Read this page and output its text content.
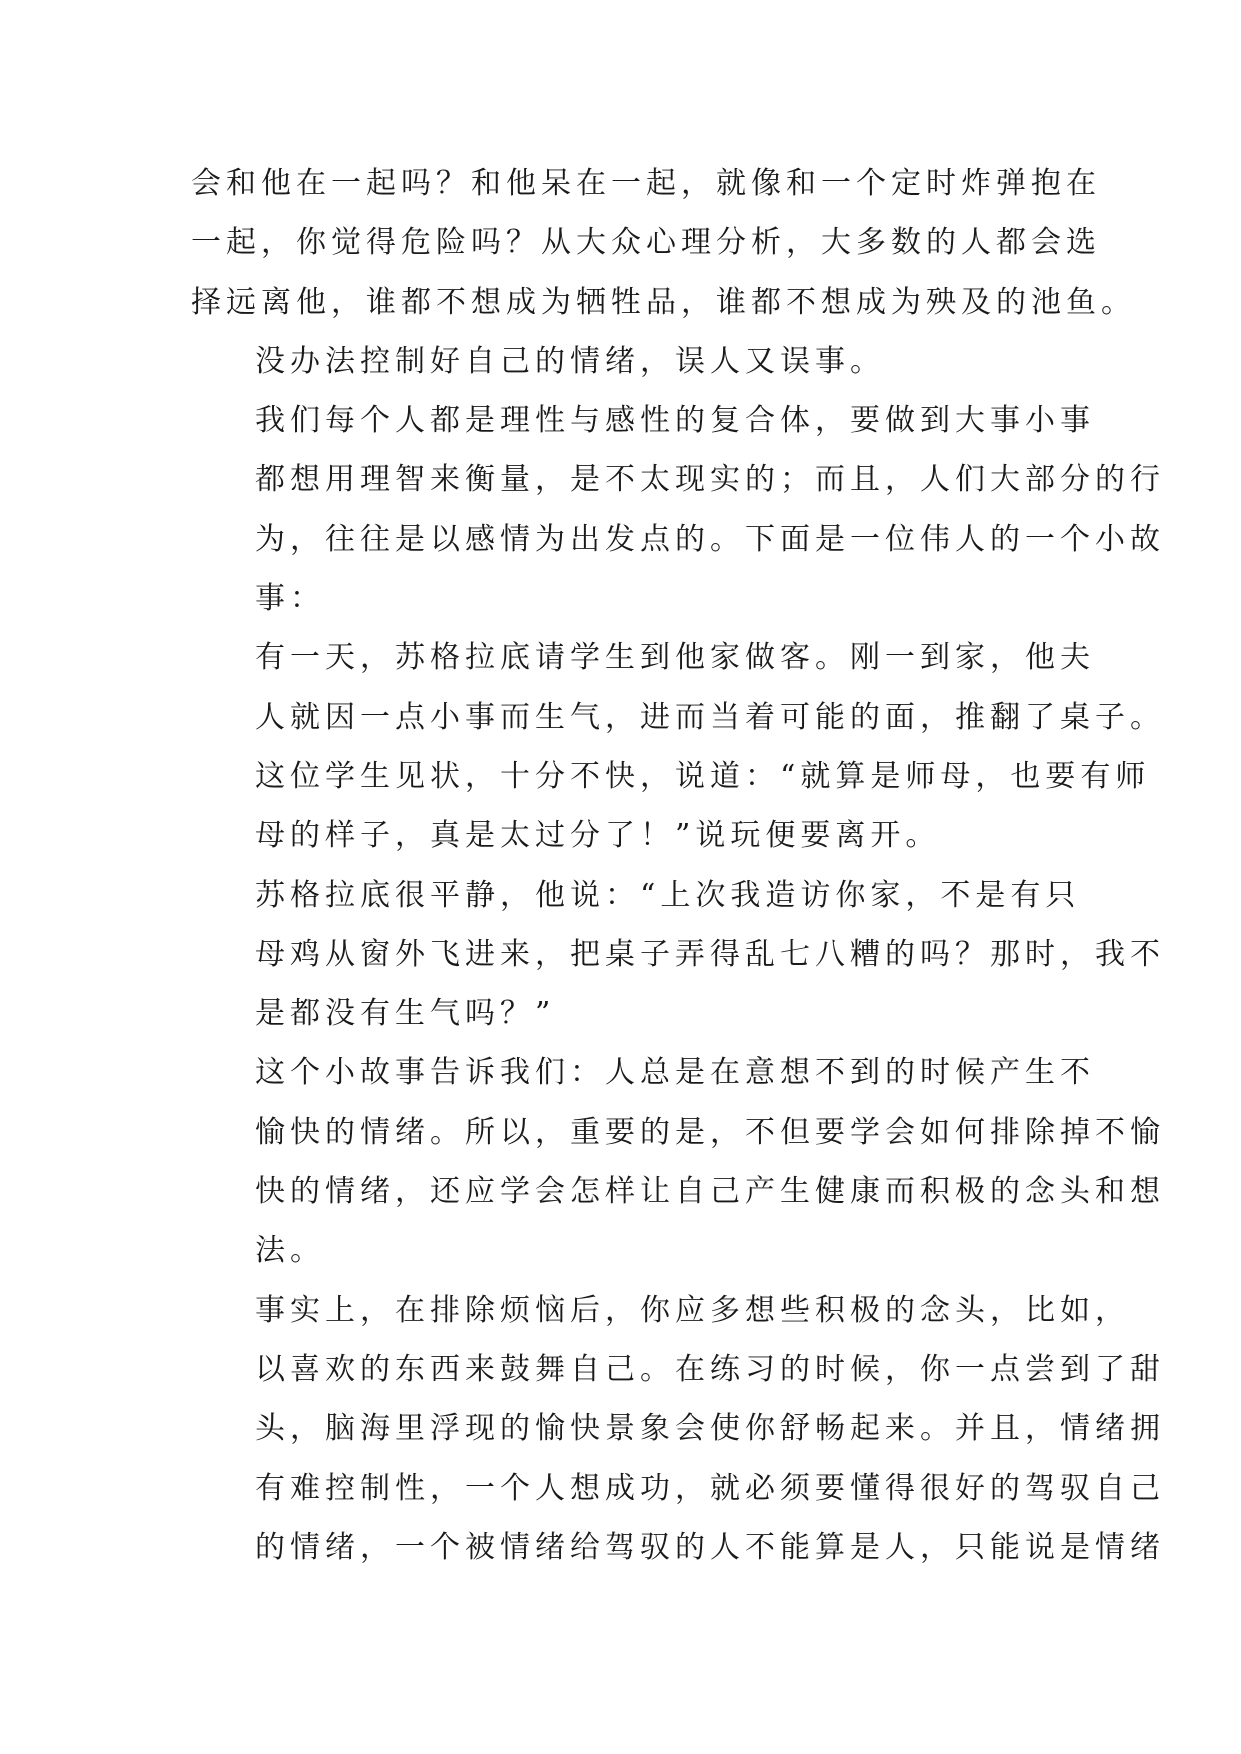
会和他在一起吗？和他呆在一起，就像和一个定时炸弹抱在
一起，你觉得危险吗？从大众心理分析，大多数的人都会选
择远离他，谁都不想成为牺牲品，谁都不想成为殃及的池鱼。

没办法控制好自己的情绪，误人又误事。

我们每个人都是理性与感性的复合体，要做到大事小事
都想用理智来衡量，是不太现实的；而且，人们大部分的行
为，往往是以感情为出发点的。下面是一位伟人的一个小故
事：

有一天，苏格拉底请学生到他家做客。刚一到家，他夫
人就因一点小事而生气，进而当着可能的面，推翻了桌子。
这位学生见状，十分不快，说道：“就算是师母，也要有师
母的样子，真是太过分了！”说玩便要离开。

苏格拉底很平静，他说：“上次我造访你家，不是有只
母鸡从窗外飞进来，把桌子弄得乱七八糟的吗？那时，我不
是都没有生气吗？”

这个小故事告诉我们：人总是在意想不到的时候产生不
愉快的情绪。所以，重要的是，不但要学会如何排除掉不愉
快的情绪，还应学会怎样让自己产生健康而积极的念头和想
法。

事实上，在排除烦恼后，你应多想些积极的念头，比如，
以喜欢的东西来鼓舞自己。在练习的时候，你一点尝到了甜
头，脑海里浮现的愉快景象会使你舒畅起来。并且，情绪拥
有难控制性，一个人想成功，就必须要懂得很好的驾驭自己
的情绪，一个被情绪给驾驭的人不能算是人，只能说是情绪
